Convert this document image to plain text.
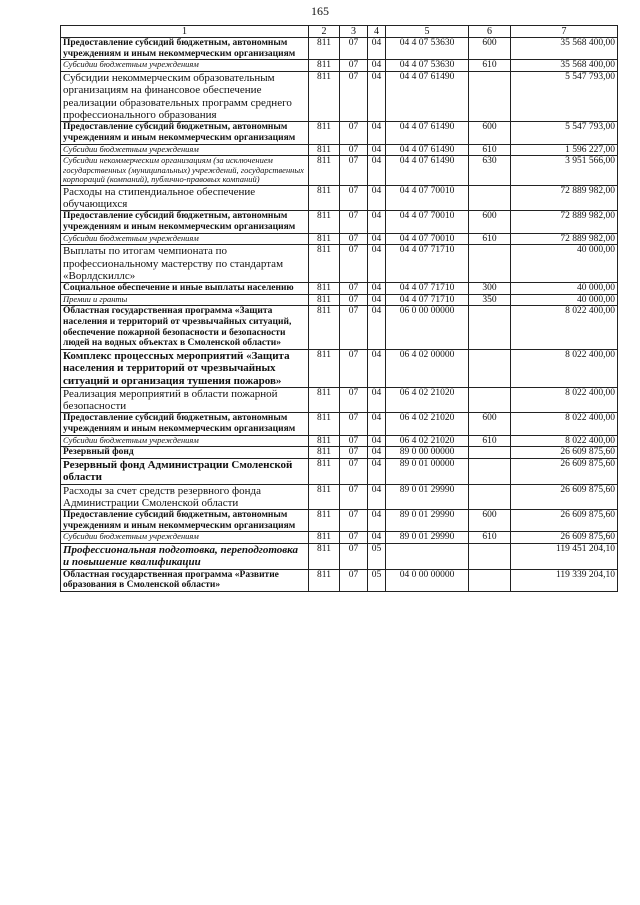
165
1	2	3	4	5	6	7
Предоставление субсидий бюджетным, автономным учреждениям и иным некоммерческим организациям	811	07	04	04 4 07 53630	600	35 568 400,00
Субсидии бюджетным учреждениям	811	07	04	04 4 07 53630	610	35 568 400,00
Субсидии некоммерческим образовательным организациям на финансовое обеспечение реализации образовательных программ среднего профессионального образования	811	07	04	04 4 07 61490		5 547 793,00
Предоставление субсидий бюджетным, автономным учреждениям и иным некоммерческим организациям	811	07	04	04 4 07 61490	600	5 547 793,00
Субсидии бюджетным учреждениям	811	07	04	04 4 07 61490	610	1 596 227,00
Субсидии некоммерческим организациям (за исключением государственных (муниципальных) учреждений, государственных корпораций (компаний), публично-правовых компаний)	811	07	04	04 4 07 61490	630	3 951 566,00
Расходы на стипендиальное обеспечение обучающихся	811	07	04	04 4 07 70010		72 889 982,00
Предоставление субсидий бюджетным, автономным учреждениям и иным некоммерческим организациям	811	07	04	04 4 07 70010	600	72 889 982,00
Субсидии бюджетным учреждениям	811	07	04	04 4 07 70010	610	72 889 982,00
Выплаты по итогам чемпионата по профессиональному мастерству по стандартам «Ворлдскиллс»	811	07	04	04 4 07 71710		40 000,00
Социальное обеспечение и иные выплаты населению	811	07	04	04 4 07 71710	300	40 000,00
Премии и гранты	811	07	04	04 4 07 71710	350	40 000,00
Областная государственная программа «Защита населения и территорий от чрезвычайных ситуаций, обеспечение пожарной безопасности и безопасности людей на водных объектах в Смоленской области»	811	07	04	06 0 00 00000		8 022 400,00
Комплекс процессных мероприятий «Защита населения и территорий от чрезвычайных ситуаций и организация тушения пожаров»	811	07	04	06 4 02 00000		8 022 400,00
Реализация мероприятий в области пожарной безопасности	811	07	04	06 4 02 21020		8 022 400,00
Предоставление субсидий бюджетным, автономным учреждениям и иным некоммерческим организациям	811	07	04	06 4 02 21020	600	8 022 400,00
Субсидии бюджетным учреждениям	811	07	04	06 4 02 21020	610	8 022 400,00
Резервный фонд	811	07	04	89 0 00 00000		26 609 875,60
Резервный фонд Администрации Смоленской области	811	07	04	89 0 01 00000		26 609 875,60
Расходы за счет средств резервного фонда Администрации Смоленской области	811	07	04	89 0 01 29990		26 609 875,60
Предоставление субсидий бюджетным, автономным учреждениям и иным некоммерческим организациям	811	07	04	89 0 01 29990	600	26 609 875,60
Субсидии бюджетным учреждениям	811	07	04	89 0 01 29990	610	26 609 875,60
Профессиональная подготовка, переподготовка и повышение квалификации	811	07	05			119 451 204,10
Областная государственная программа «Развитие образования в Смоленской области»	811	07	05	04 0 00 00000		119 339 204,10
